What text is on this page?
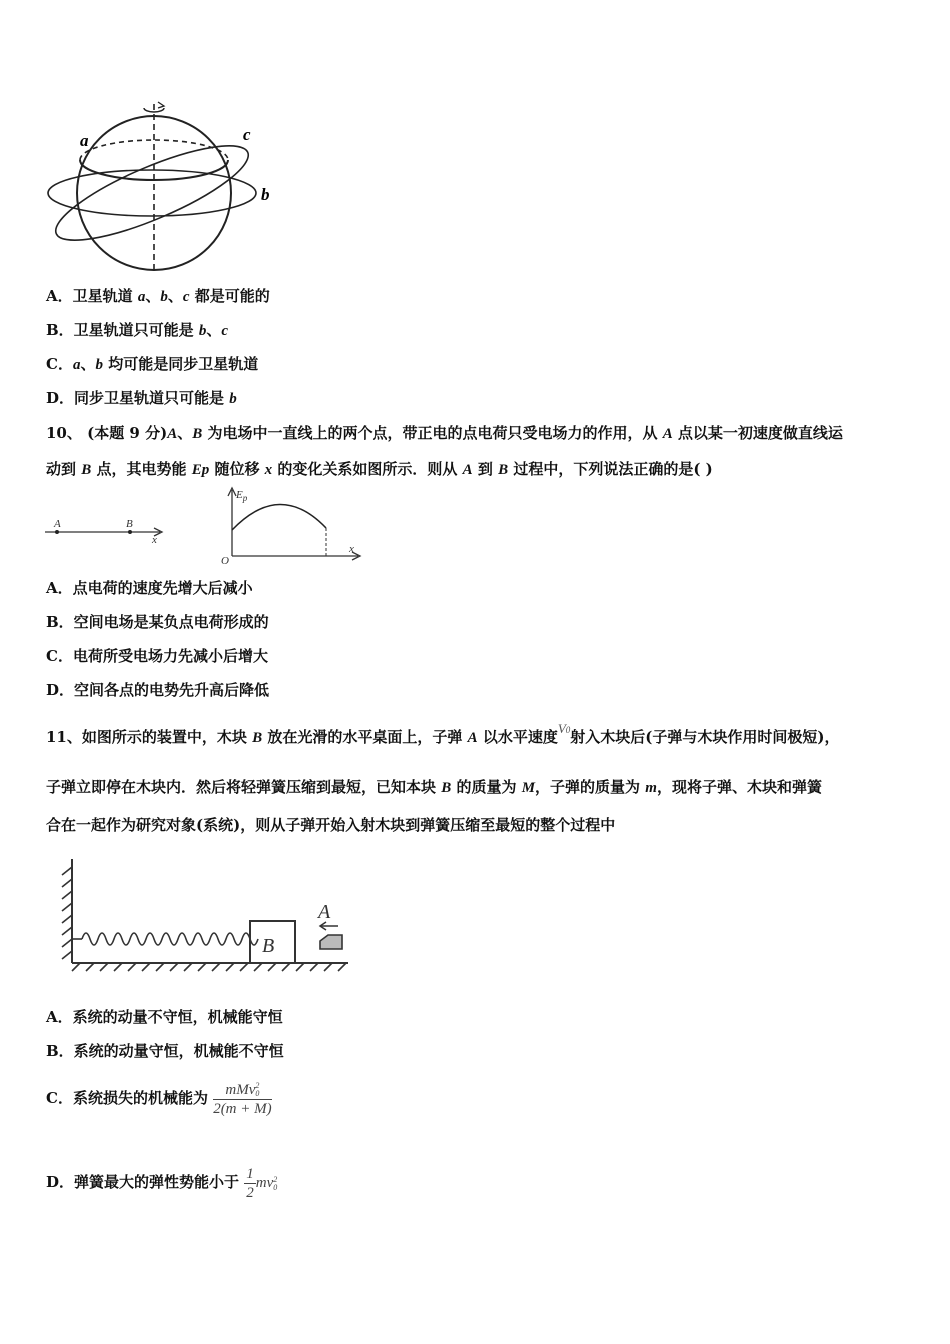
a	c
b
A．卫星轨道 a、b、c 都是可能的
B．卫星轨道只可能是 b、c
C．a、b 均可能是同步卫星轨道
D．同步卫星轨道只可能是 b
10、 (本题 9 分)A、B 为电场中一直线上的两个点，带正电的点电荷只受电场力的作用，从 A 点以某一初速度做直线运
动到 B 点，其电势能 Ep 随位移 x 的变化关系如图所示．则从 A 到 B 过程中，下列说法正确的是( )
A	B
x
$E_p$
O
x
A．点电荷的速度先增大后减小
B．空间电场是某负点电荷形成的
C．电荷所受电场力先减小后增大
D．空间各点的电势先升高后降低
11、如图所示的装置中，木块 B 放在光滑的水平桌面上，子弹 A 以水平速度V0射入木块后(子弹与木块作用时间极短)，
子弹立即停在木块内．然后将轻弹簧压缩到最短，已知本块 B 的质量为 M，子弹的质量为 m，现将子弹、木块和弹簧
合在一起作为研究对象(系统)，则从子弹开始入射木块到弹簧压缩至最短的整个过程中
B
A
A．系统的动量不守恒，机械能守恒
B．系统的动量守恒，机械能不守恒
C．系统损失的机械能为 mMv 2
0
2(m + M)
D．弹簧最大的弹性势能小于 $\frac{1}{2}$ mv 2
0
